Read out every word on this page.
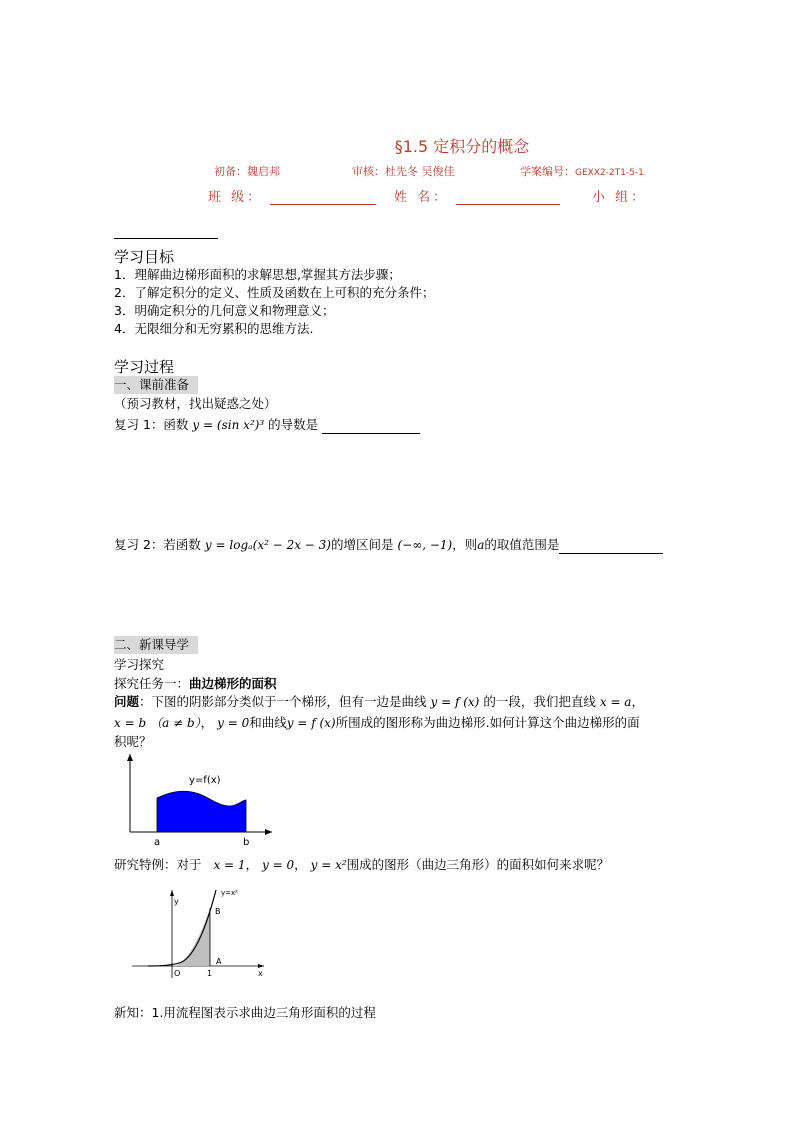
§1.5 定积分的概念
初备：魏启邦	审核：杜先冬 吴俊佳	学案编号：GEXX2-2T1-5-1
班 级：	姓 名：	小 组：
学习目标
1．理解曲边梯形面积的求解思想,掌握其方法步骤；
2．了解定积分的定义、性质及函数在上可积的充分条件；
3．明确定积分的几何意义和物理意义；
4．无限细分和无穷累积的思维方法.
学习过程
一、课前准备
（预习教材，找出疑惑之处）
复习 1：函数 y = (sin x²)³ 的导数是
复习 2：若函数 y = logₐ(x² − 2x − 3)的增区间是 (−∞, −1)，则a的取值范围是
二、新课导学
学习探究
探究任务一：曲边梯形的面积
问题：下图的阴影部分类似于一个梯形，但有一边是曲线 y = f (x) 的一段，我们把直线 x = a，
x = b （a ≠ b）， y = 0和曲线y = f (x)所围成的图形称为曲边梯形.如何计算这个曲边梯形的面
积呢？
y=f(x)
a	b
研究特例：对于 x = 1， y = 0， y = x²围成的图形（曲边三角形）的面积如何来求呢？
y=x²
y
x
O	1
A
B
新知：1.用流程图表示求曲边三角形面积的过程
